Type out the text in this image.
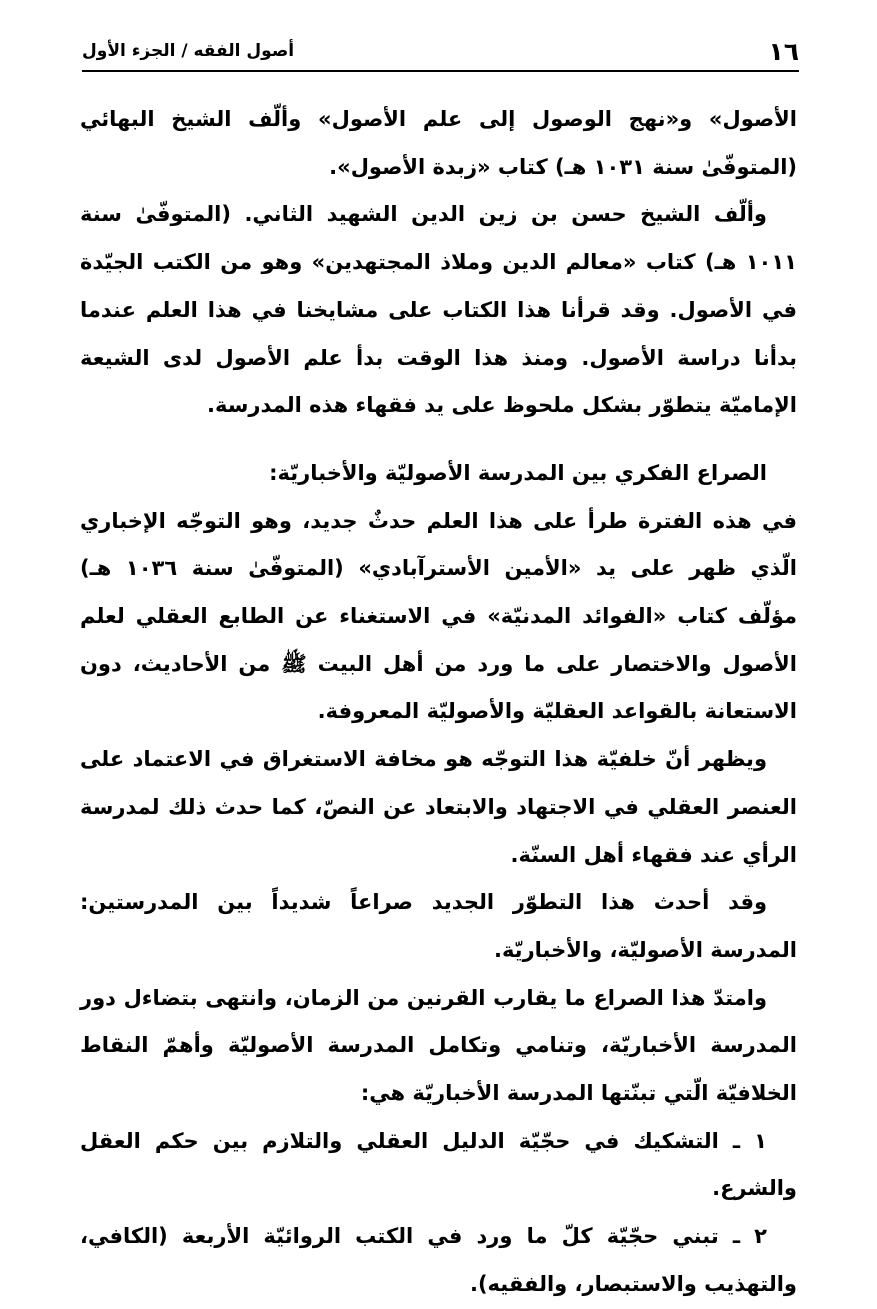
١٦
أصول الفقه / الجزء الأول

الأصول» و«نهج الوصول إلى علم الأصول» وألّف الشيخ البهائي (المتوفّىٰ سنة ١٠٣١ هـ) كتاب «زبدة الأصول».

وألّف الشيخ حسن بن زين الدين الشهيد الثاني. (المتوفّىٰ سنة ١٠١١ هـ) كتاب «معالم الدين وملاذ المجتهدين» وهو من الكتب الجيّدة في الأصول. وقد قرأنا هذا الكتاب على مشايخنا في هذا العلم عندما بدأنا دراسة الأصول. ومنذ هذا الوقت بدأ علم الأصول لدى الشيعة الإماميّة يتطوّر بشكل ملحوظ على يد فقهاء هذه المدرسة.

الصراع الفكري بين المدرسة الأصوليّة والأخباريّة:

في هذه الفترة طرأ على هذا العلم حدثٌ جديد، وهو التوجّه الإخباري الّذي ظهر على يد «الأمين الأسترآبادي» (المتوفّىٰ سنة ١٠٣٦ هـ) مؤلّف كتاب «الفوائد المدنيّة» في الاستغناء عن الطابع العقلي لعلم الأصول والاختصار على ما ورد من أهل البيت ﷺ من الأحاديث، دون الاستعانة بالقواعد العقليّة والأصوليّة المعروفة.

ويظهر أنّ خلفيّة هذا التوجّه هو مخافة الاستغراق في الاعتماد على العنصر العقلي في الاجتهاد والابتعاد عن النصّ، كما حدث ذلك لمدرسة الرأي عند فقهاء أهل السنّة.

وقد أحدث هذا التطوّر الجديد صراعاً شديداً بين المدرستين: المدرسة الأصوليّة، والأخباريّة.

وامتدّ هذا الصراع ما يقارب القرنين من الزمان، وانتهى بتضاءل دور المدرسة الأخباريّة، وتنامي وتكامل المدرسة الأصوليّة وأهمّ النقاط الخلافيّة الّتي تبنّتها المدرسة الأخباريّة هي:

١ ـ التشكيك في حجّيّة الدليل العقلي والتلازم بين حكم العقل والشرع.

٢ ـ تبني حجّيّة كلّ ما ورد في الكتب الروائيّة الأربعة (الكافي، والتهذيب والاستبصار، والفقيه).
